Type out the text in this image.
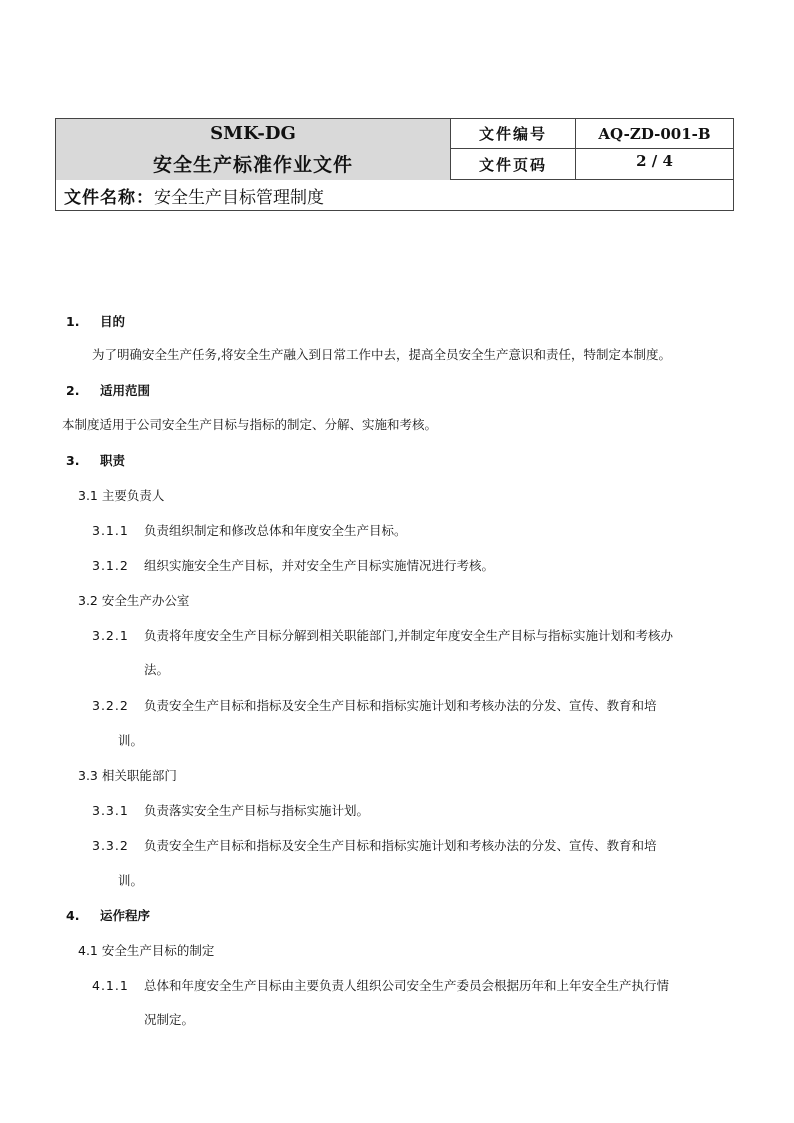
SMK-DG
安全生产标准作业文件
文件编号	AQ-ZD-001-B
文件页码	2 / 4
文件名称： 安全生产目标管理制度
1. 目的
为了明确安全生产任务,将安全生产融入到日常工作中去，提高全员安全生产意识和责任，特制定本制度。
2. 适用范围
本制度适用于公司安全生产目标与指标的制定、分解、实施和考核。
3. 职责
3.1 主要负责人
3.1.1 负责组织制定和修改总体和年度安全生产目标。
3.1.2 组织实施安全生产目标，并对安全生产目标实施情况进行考核。
3.2 安全生产办公室
3.2.1 负责将年度安全生产目标分解到相关职能部门,并制定年度安全生产目标与指标实施计划和考核办
法。
3.2.2 负责安全生产目标和指标及安全生产目标和指标实施计划和考核办法的分发、宣传、教育和培
训。
3.3 相关职能部门
3.3.1 负责落实安全生产目标与指标实施计划。
3.3.2 负责安全生产目标和指标及安全生产目标和指标实施计划和考核办法的分发、宣传、教育和培
训。
4. 运作程序
4.1 安全生产目标的制定
4.1.1 总体和年度安全生产目标由主要负责人组织公司安全生产委员会根据历年和上年安全生产执行情
况制定。
